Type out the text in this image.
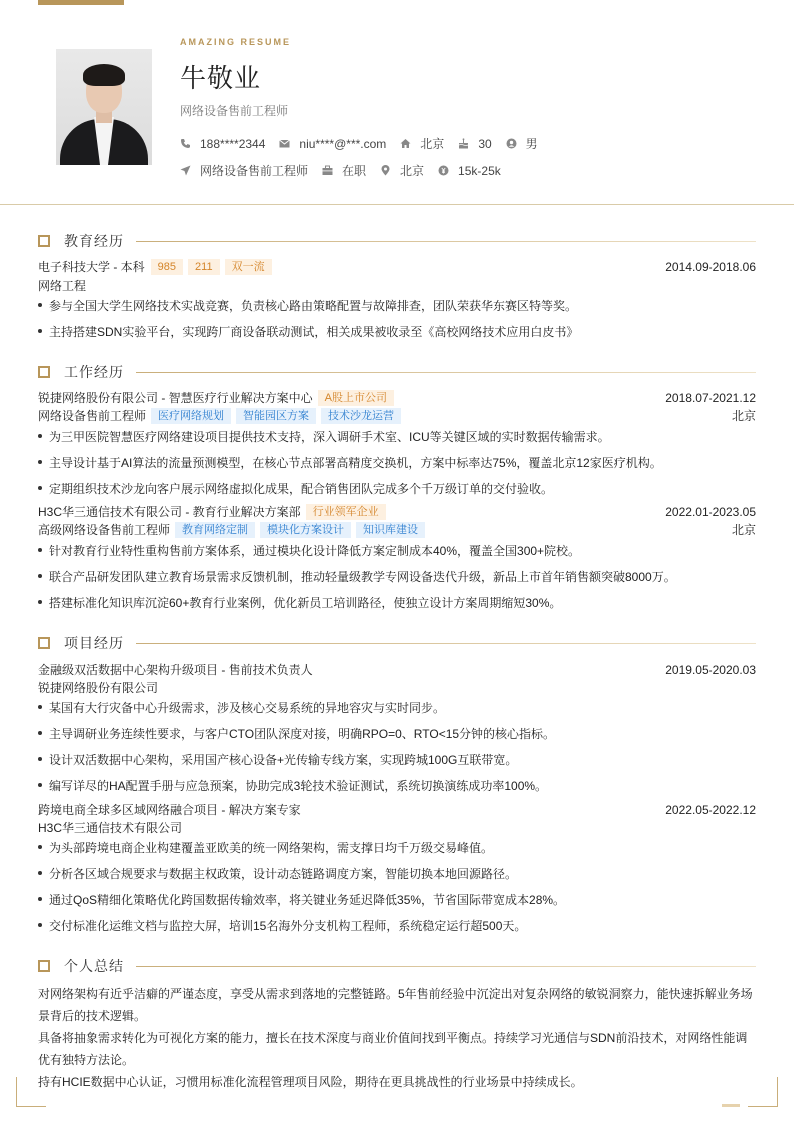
AMAZING RESUME
牛敬业
网络设备售前工程师
188****2344	niu****@***.com	北京	30	男
网络设备售前工程师	在职	北京	15k-25k
教育经历
电子科技大学 - 本科	985	211	双一流	2014.09-2018.06
网络工程
参与全国大学生网络技术实战竞赛，负责核心路由策略配置与故障排查，团队荣获华东赛区特等奖。
主持搭建SDN实验平台，实现跨厂商设备联动测试，相关成果被收录至《高校网络技术应用白皮书》
工作经历
锐捷网络股份有限公司 - 智慧医疗行业解决方案中心	A股上市公司	2018.07-2021.12
网络设备售前工程师	医疗网络规划	智能园区方案	技术沙龙运营	北京
为三甲医院智慧医疗网络建设项目提供技术支持，深入调研手术室、ICU等关键区域的实时数据传输需求。
主导设计基于AI算法的流量预测模型，在核心节点部署高精度交换机，方案中标率达75%，覆盖北京12家医疗机构。
定期组织技术沙龙向客户展示网络虚拟化成果，配合销售团队完成多个千万级订单的交付验收。
H3C华三通信技术有限公司 - 教育行业解决方案部	行业领军企业	2022.01-2023.05
高级网络设备售前工程师	教育网络定制	模块化方案设计	知识库建设	北京
针对教育行业特性重构售前方案体系，通过模块化设计降低方案定制成本40%，覆盖全国300+院校。
联合产品研发团队建立教育场景需求反馈机制，推动轻量级教学专网设备迭代升级，新品上市首年销售额突破8000万。
搭建标准化知识库沉淀60+教育行业案例，优化新员工培训路径，使独立设计方案周期缩短30%。
项目经历
金融级双活数据中心架构升级项目 - 售前技术负责人	2019.05-2020.03
锐捷网络股份有限公司
某国有大行灾备中心升级需求，涉及核心交易系统的异地容灾与实时同步。
主导调研业务连续性要求，与客户CTO团队深度对接，明确RPO=0、RTO<15分钟的核心指标。
设计双活数据中心架构，采用国产核心设备+光传输专线方案，实现跨城100G互联带宽。
编写详尽的HA配置手册与应急预案，协助完成3轮技术验证测试，系统切换演练成功率100%。
跨境电商全球多区域网络融合项目 - 解决方案专家	2022.05-2022.12
H3C华三通信技术有限公司
为头部跨境电商企业构建覆盖亚欧美的统一网络架构，需支撑日均千万级交易峰值。
分析各区域合规要求与数据主权政策，设计动态链路调度方案，智能切换本地回源路径。
通过QoS精细化策略优化跨国数据传输效率，将关键业务延迟降低35%，节省国际带宽成本28%。
交付标准化运维文档与监控大屏，培训15名海外分支机构工程师，系统稳定运行超500天。
个人总结
对网络架构有近乎洁癖的严谨态度，享受从需求到落地的完整链路。5年售前经验中沉淀出对复杂网络的敏锐洞察力，能快速拆解业务场景背后的技术逻辑。
具备将抽象需求转化为可视化方案的能力，擅长在技术深度与商业价值间找到平衡点。持续学习光通信与SDN前沿技术，对网络性能调优有独特方法论。
持有HCIE数据中心认证，习惯用标准化流程管理项目风险，期待在更具挑战性的行业场景中持续成长。
